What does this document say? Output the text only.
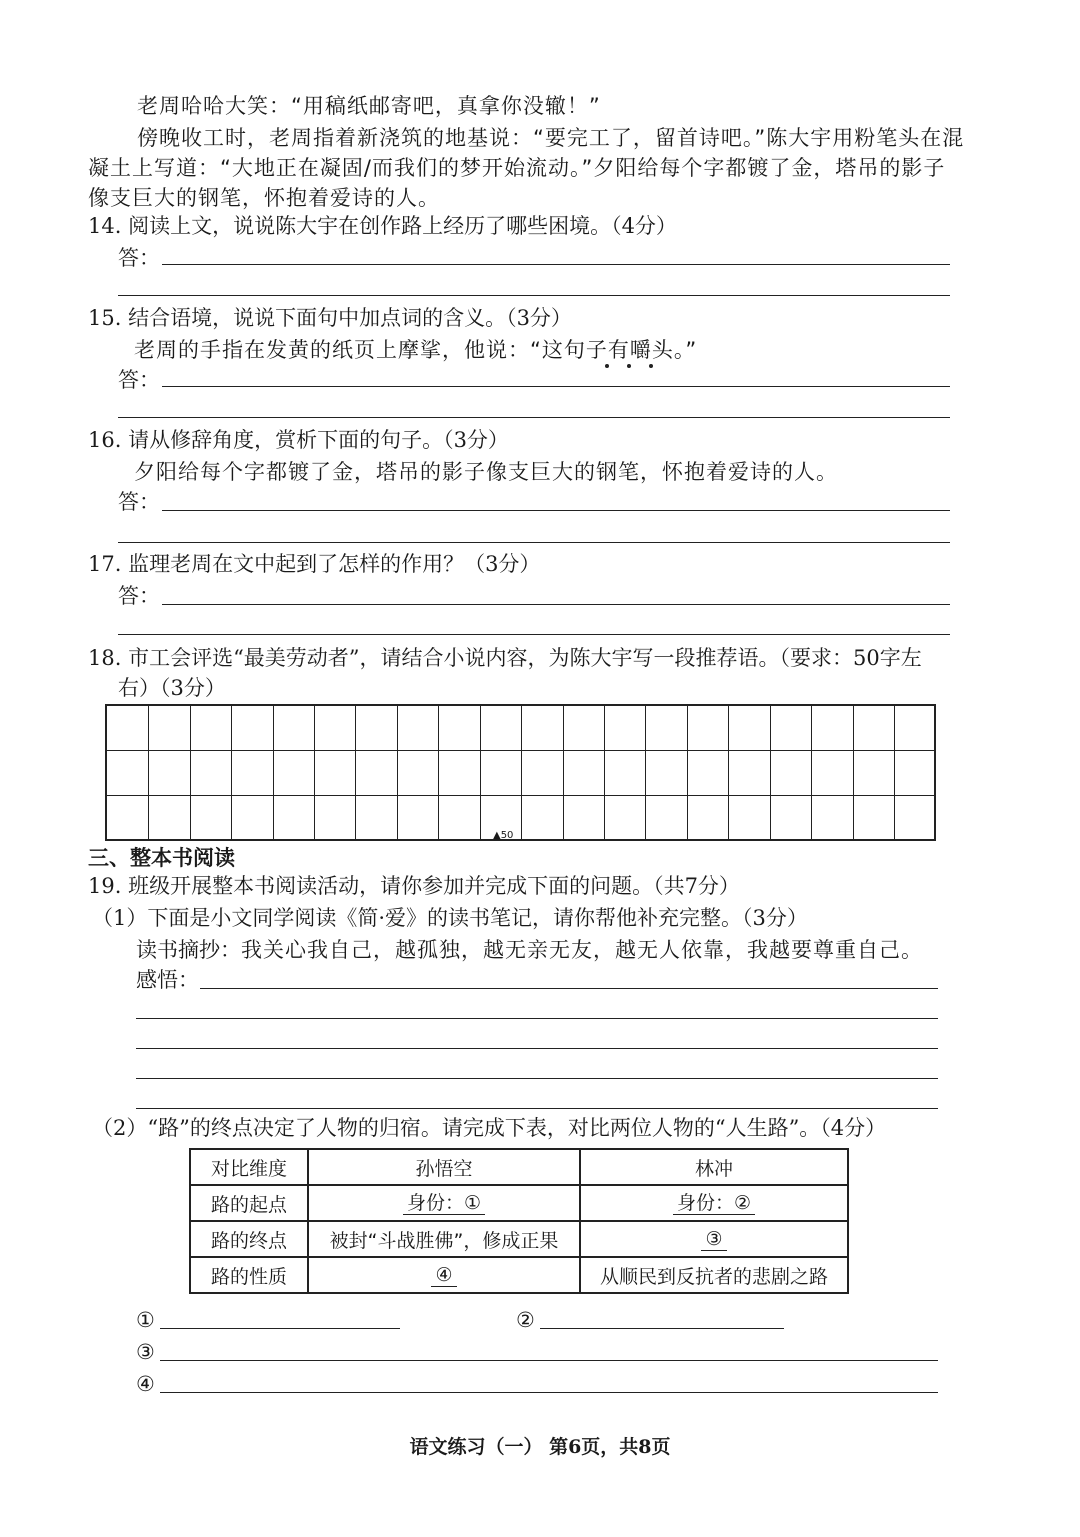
老周哈哈大笑：“用稿纸邮寄吧，真拿你没辙！”
傍晚收工时，老周指着新浇筑的地基说：“要完工了，留首诗吧。”陈大宇用粉笔头在混
凝土上写道：“大地正在凝固/而我们的梦开始流动。”夕阳给每个字都镀了金，塔吊的影子
像支巨大的钢笔，怀抱着爱诗的人。
14. 阅读上文，说说陈大宇在创作路上经历了哪些困境。（4分）
答：
15. 结合语境，说说下面句中加点词的含义。（3分）
老周的手指在发黄的纸页上摩挲，他说：“这句子有嚼头。”
答：
16. 请从修辞角度，赏析下面的句子。（3分）
夕阳给每个字都镀了金，塔吊的影子像支巨大的钢笔，怀抱着爱诗的人。
答：
17. 监理老周在文中起到了怎样的作用？（3分）
答：
18. 市工会评选“最美劳动者”，请结合小说内容，为陈大宇写一段推荐语。（要求：50字左
右）（3分）
▲50
三、整本书阅读
19. 班级开展整本书阅读活动，请你参加并完成下面的问题。（共7分）
（1）下面是小文同学阅读《简·爱》的读书笔记，请你帮他补充完整。（3分）
读书摘抄：我关心我自己，越孤独，越无亲无友，越无人依靠，我越要尊重自己。
感悟：
（2）“路”的终点决定了人物的归宿。请完成下表，对比两位人物的“人生路”。（4分）
对比维度	孙悟空	林冲
路的起点	身份：①	身份：②
路的终点	被封“斗战胜佛”，修成正果	③
路的性质	④	从顺民到反抗者的悲剧之路
①	②
③
④
语文练习（一） 第6页，共8页
